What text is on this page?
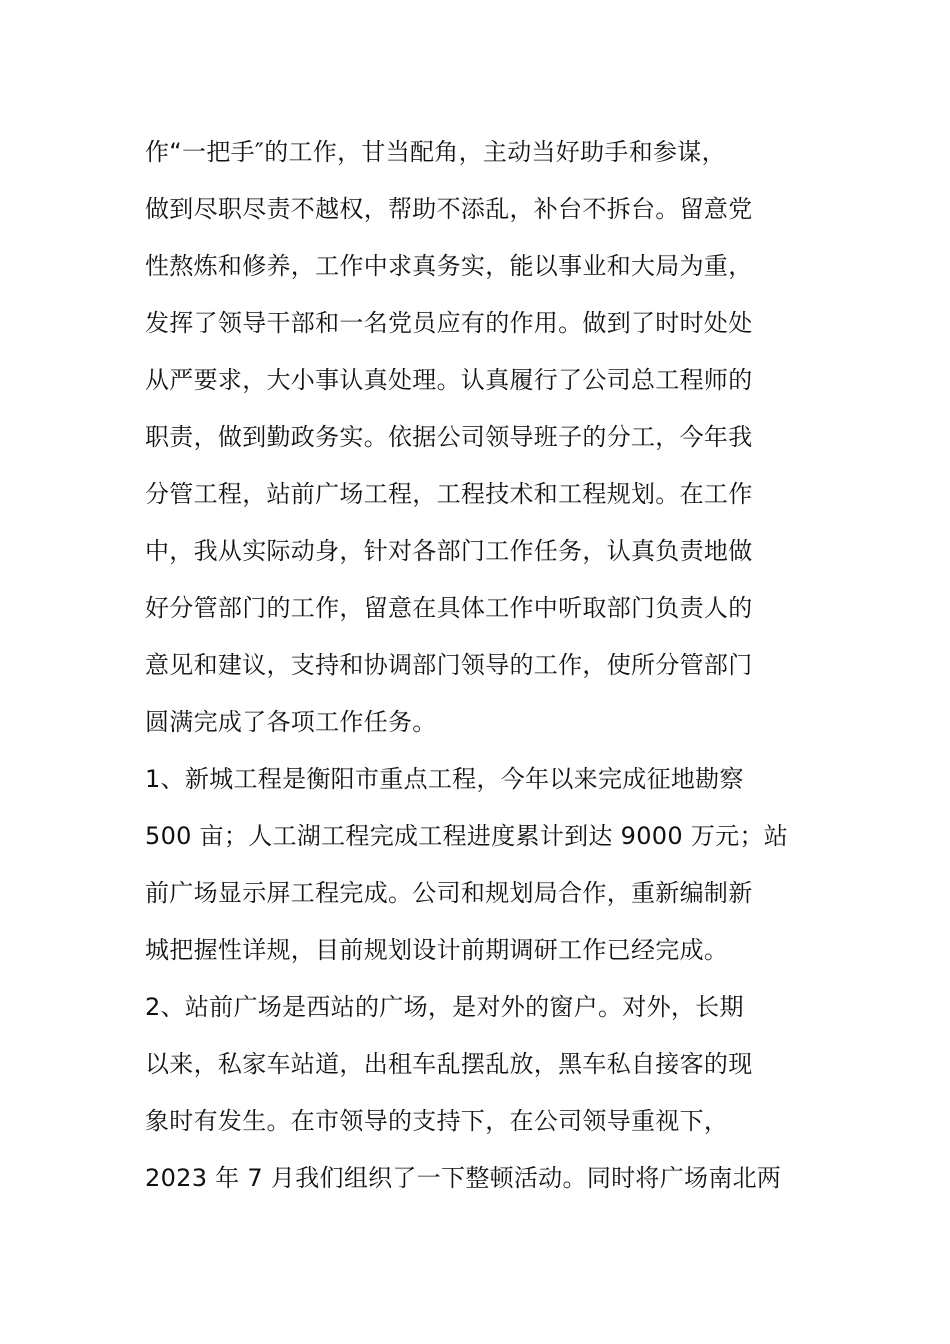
作“一把手″的工作，甘当配角，主动当好助手和参谋，
做到尽职尽责不越权，帮助不添乱，补台不拆台。留意党
性熬炼和修养，工作中求真务实，能以事业和大局为重，
发挥了领导干部和一名党员应有的作用。做到了时时处处
从严要求，大小事认真处理。认真履行了公司总工程师的
职责，做到勤政务实。依据公司领导班子的分工，今年我
分管工程，站前广场工程，工程技术和工程规划。在工作
中，我从实际动身，针对各部门工作任务，认真负责地做
好分管部门的工作，留意在具体工作中听取部门负责人的
意见和建议，支持和协调部门领导的工作，使所分管部门
圆满完成了各项工作任务。
1、新城工程是衡阳市重点工程，今年以来完成征地勘察
500 亩；人工湖工程完成工程进度累计到达 9000 万元；站
前广场显示屏工程完成。公司和规划局合作，重新编制新
城把握性详规，目前规划设计前期调研工作已经完成。
2、站前广场是西站的广场，是对外的窗户。对外，长期
以来，私家车站道，出租车乱摆乱放，黑车私自接客的现
象时有发生。在市领导的支持下，在公司领导重视下，
2023 年 7 月我们组织了一下整顿活动。同时将广场南北两
